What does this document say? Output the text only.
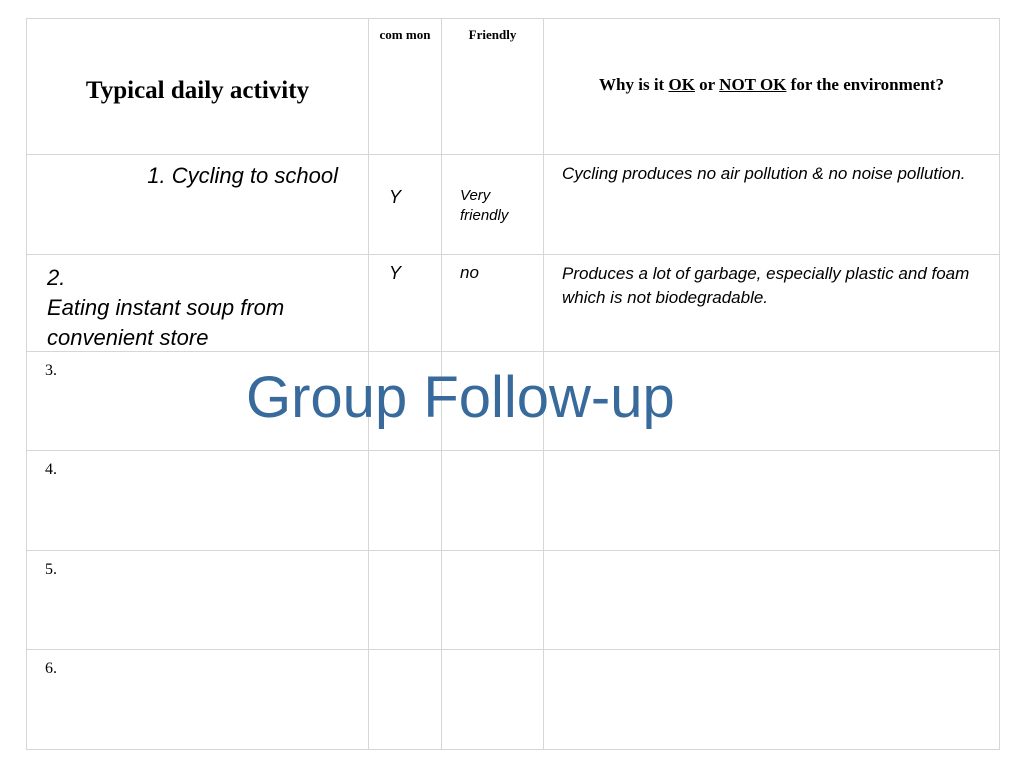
Typical daily activity	com mon	Friendly	Why is it OK or NOT OK for the environment?

1. Cycling to school	Y	Very friendly	Cycling produces no air pollution & no noise pollution.

2.
Eating instant soup from convenient store	Y	no	Produces a lot of garbage, especially plastic and foam which is not biodegradable.

3.			

4.			

5.			

6.			

Group Follow-up
